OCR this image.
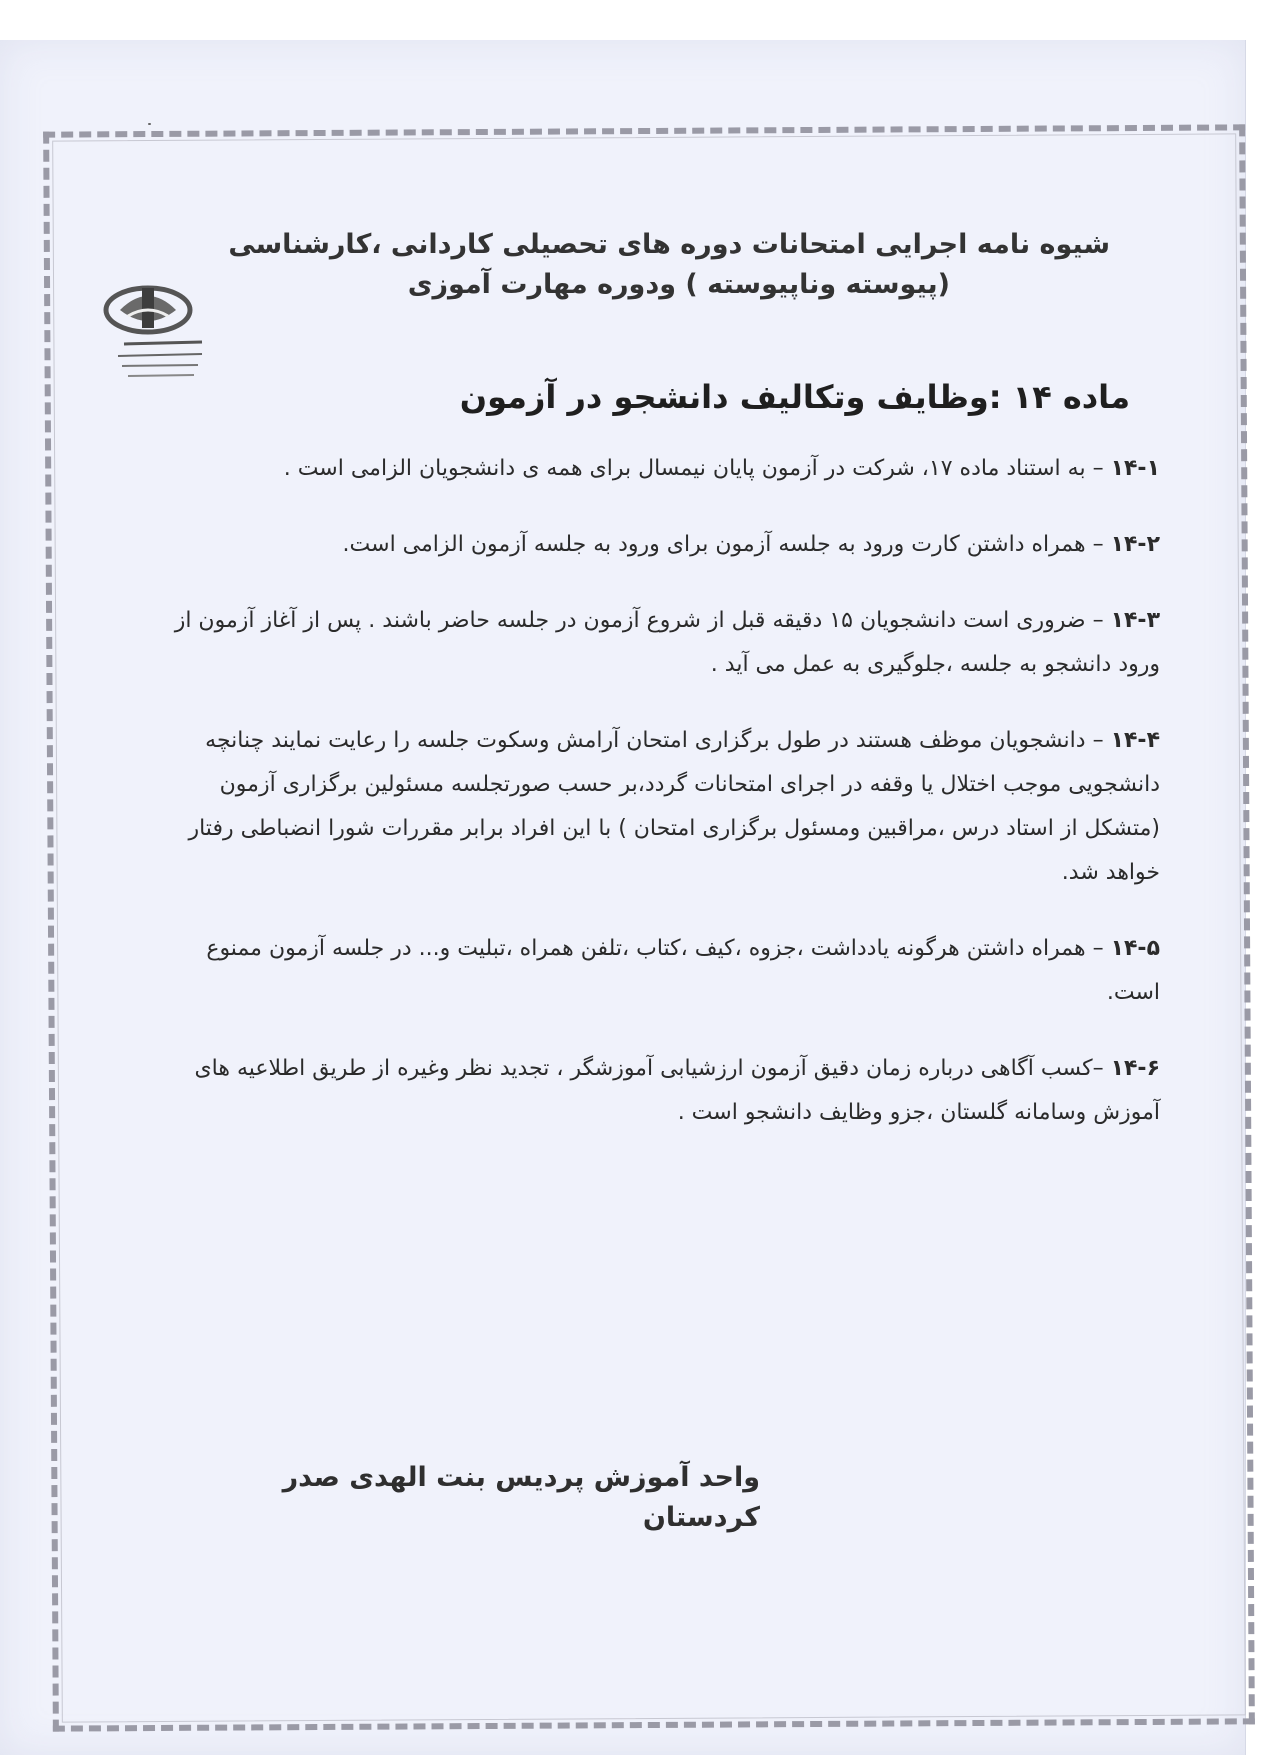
شیوه نامه اجرایی امتحانات دوره های تحصیلی کاردانی ،کارشناسی
(پیوسته وناپیوسته ) ودوره مهارت آموزی
ماده ۱۴ :وظایف وتکالیف دانشجو در آزمون
۱۴-۱ – به استناد ماده ۱۷، شرکت در آزمون پایان نیمسال برای همه ی دانشجویان الزامی است .
۱۴-۲ – همراه داشتن کارت ورود به جلسه آزمون برای ورود به جلسه آزمون الزامی است.
۱۴-۳ – ضروری است دانشجویان ۱۵ دقیقه قبل از شروع آزمون در جلسه حاضر باشند . پس از آغاز آزمون از ورود دانشجو به جلسه ،جلوگیری به عمل می آید .
۱۴-۴ – دانشجویان موظف هستند در طول برگزاری امتحان آرامش وسکوت جلسه را رعایت نمایند چنانچه دانشجویی موجب اختلال یا وقفه در اجرای امتحانات گردد،بر حسب صورتجلسه مسئولین برگزاری آزمون (متشکل از استاد درس ،مراقبین ومسئول برگزاری امتحان ) با این افراد برابر مقررات شورا انضباطی رفتار خواهد شد.
۱۴-۵ – همراه داشتن هرگونه یادداشت ،جزوه ،کیف ،کتاب ،تلفن همراه ،تبلیت و... در جلسه آزمون ممنوع است.
۱۴-۶ –کسب آگاهی درباره زمان دقیق آزمون ارزشیابی آموزشگر ، تجدید نظر وغیره از طریق اطلاعیه های آموزش وسامانه گلستان ،جزو وظایف دانشجو است .
واحد آموزش پردیس بنت الهدی صدر کردستان
